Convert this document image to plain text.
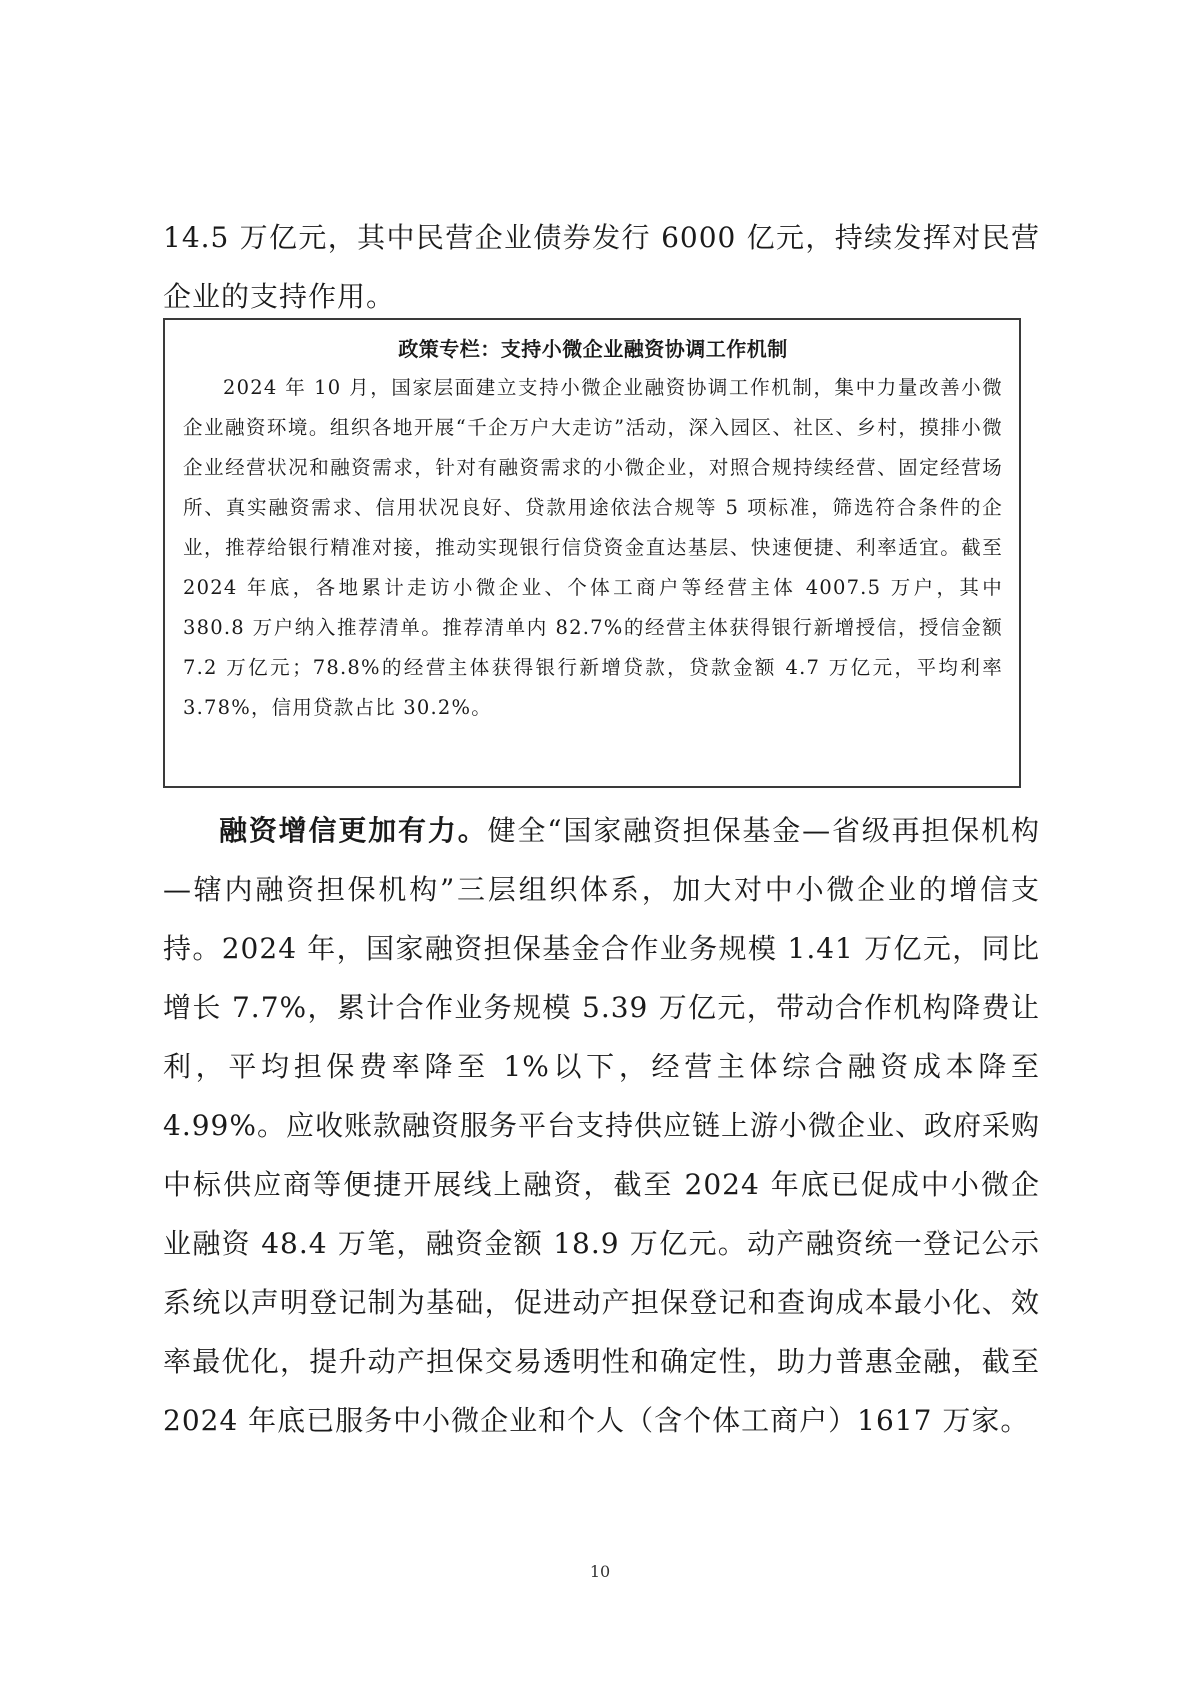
14.5 万亿元，其中民营企业债券发行 6000 亿元，持续发挥对民营企业的支持作用。

政策专栏：支持小微企业融资协调工作机制

2024 年 10 月，国家层面建立支持小微企业融资协调工作机制，集中力量改善小微企业融资环境。组织各地开展“千企万户大走访”活动，深入园区、社区、乡村，摸排小微企业经营状况和融资需求，针对有融资需求的小微企业，对照合规持续经营、固定经营场所、真实融资需求、信用状况良好、贷款用途依法合规等 5 项标准，筛选符合条件的企业，推荐给银行精准对接，推动实现银行信贷资金直达基层、快速便捷、利率适宜。截至 2024 年底，各地累计走访小微企业、个体工商户等经营主体 4007.5 万户，其中 380.8 万户纳入推荐清单。推荐清单内 82.7%的经营主体获得银行新增授信，授信金额 7.2 万亿元；78.8%的经营主体获得银行新增贷款，贷款金额 4.7 万亿元，平均利率 3.78%，信用贷款占比 30.2%。

融资增信更加有力。健全“国家融资担保基金—省级再担保机构—辖内融资担保机构”三层组织体系，加大对中小微企业的增信支持。2024 年，国家融资担保基金合作业务规模 1.41 万亿元，同比增长 7.7%，累计合作业务规模 5.39 万亿元，带动合作机构降费让利，平均担保费率降至 1%以下，经营主体综合融资成本降至 4.99%。应收账款融资服务平台支持供应链上游小微企业、政府采购中标供应商等便捷开展线上融资，截至 2024 年底已促成中小微企业融资 48.4 万笔，融资金额 18.9 万亿元。动产融资统一登记公示系统以声明登记制为基础，促进动产担保登记和查询成本最小化、效率最优化，提升动产担保交易透明性和确定性，助力普惠金融，截至 2024 年底已服务中小微企业和个人（含个体工商户）1617 万家。

10
